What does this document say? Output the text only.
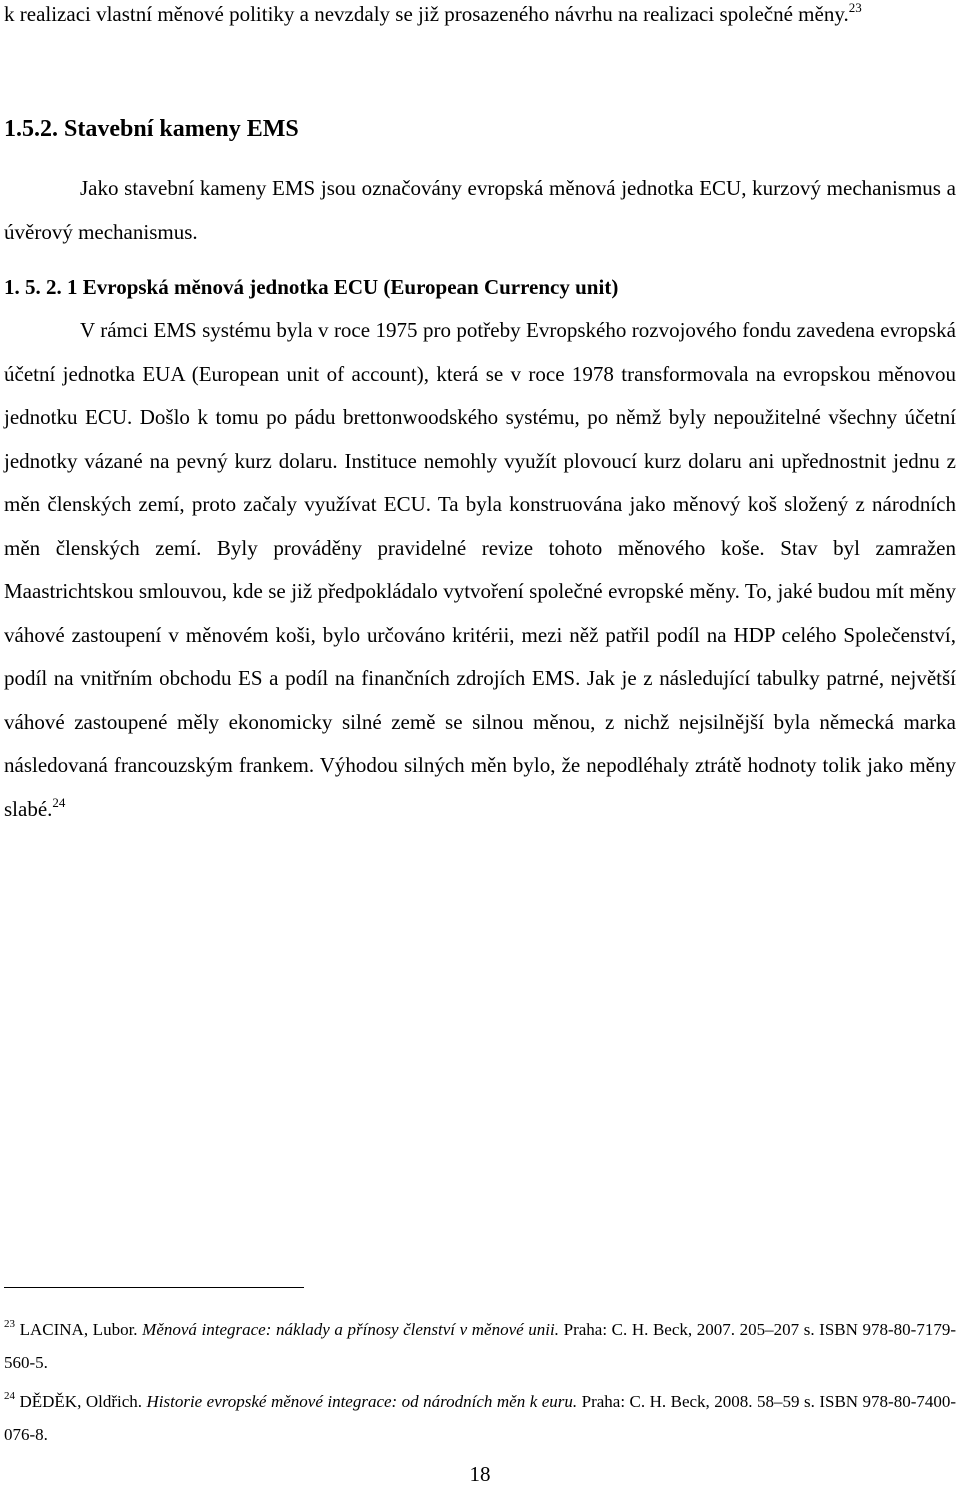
k realizaci vlastní měnové politiky a nevzdaly se již prosazeného návrhu na realizaci společné měny.$^{23}$

1.5.2. Stavební kameny EMS

Jako stavební kameny EMS jsou označovány evropská měnová jednotka ECU, kurzový mechanismus a úvěrový mechanismus.

1. 5. 2. 1 Evropská měnová jednotka ECU (European Currency unit)

V rámci EMS systému byla v roce 1975 pro potřeby Evropského rozvojového fondu zavedena evropská účetní jednotka EUA (European unit of account), která se v roce 1978 transformovala na evropskou měnovou jednotku ECU. Došlo k tomu po pádu brettonwoodského systému, po němž byly nepoužitelné všechny účetní jednotky vázané na pevný kurz dolaru. Instituce nemohly využít plovoucí kurz dolaru ani upřednostnit jednu z měn členských zemí, proto začaly využívat ECU. Ta byla konstruována jako měnový koš složený z národních měn členských zemí. Byly prováděny pravidelné revize tohoto měnového koše. Stav byl zamražen Maastrichtskou smlouvou, kde se již předpokládalo vytvoření společné evropské měny. To, jaké budou mít měny váhové zastoupení v měnovém koši, bylo určováno kritérii, mezi něž patřil podíl na HDP celého Společenství, podíl na vnitřním obchodu ES a podíl na finančních zdrojích EMS. Jak je z následující tabulky patrné, největší váhové zastoupené měly ekonomicky silné země se silnou měnou, z nichž nejsilnější byla německá marka následovaná francouzským frankem. Výhodou silných měn bylo, že nepodléhaly ztrátě hodnoty tolik jako měny slabé.$^{24}$

$^{23}$ LACINA, Lubor. Měnová integrace: náklady a přínosy členství v měnové unii. Praha: C. H. Beck, 2007. 205–207 s. ISBN 978-80-7179-560-5.

$^{24}$ DĚDĚK, Oldřich. Historie evropské měnové integrace: od národních měn k euru. Praha: C. H. Beck, 2008. 58–59 s. ISBN 978-80-7400-076-8.

18
